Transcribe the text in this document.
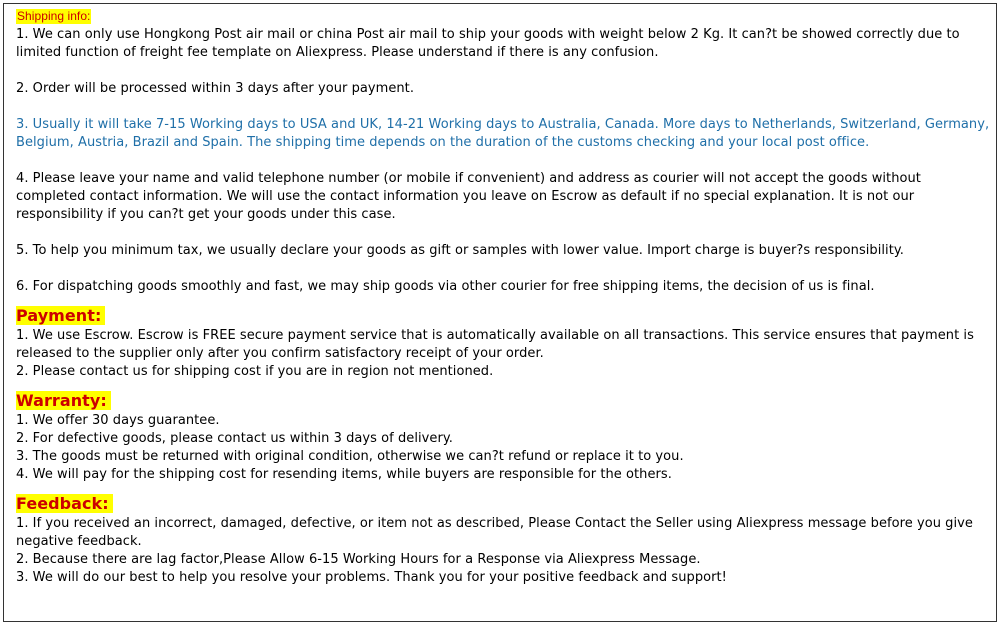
Shipping info:

1. We can only use Hongkong Post air mail or china Post air mail to ship your goods with weight below 2 Kg. It can?t be showed correctly due to limited function of freight fee template on Aliexpress. Please understand if there is any confusion.

2. Order will be processed within 3 days after your payment.

3. Usually it will take 7-15 Working days to USA and UK, 14-21 Working days to Australia, Canada. More days to Netherlands, Switzerland, Germany, Belgium, Austria, Brazil and Spain. The shipping time depends on the duration of the customs checking and your local post office.

4. Please leave your name and valid telephone number (or mobile if convenient) and address as courier will not accept the goods without completed contact information. We will use the contact information you leave on Escrow as default if no special explanation. It is not our responsibility if you can?t get your goods under this case.

5. To help you minimum tax, we usually declare your goods as gift or samples with lower value. Import charge is buyer?s responsibility.

6. For dispatching goods smoothly and fast, we may ship goods via other courier for free shipping items, the decision of us is final.

Payment:

1. We use Escrow. Escrow is FREE secure payment service that is automatically available on all transactions. This service ensures that payment is released to the supplier only after you confirm satisfactory receipt of your order.

2. Please contact us for shipping cost if you are in region not mentioned.

Warranty:

1. We offer 30 days guarantee.

2. For defective goods, please contact us within 3 days of delivery.

3. The goods must be returned with original condition, otherwise we can?t refund or replace it to you.

4. We will pay for the shipping cost for resending items, while buyers are responsible for the others.

Feedback:

1. If you received an incorrect, damaged, defective, or item not as described, Please Contact the Seller using Aliexpress message before you give negative feedback.

2. Because there are lag factor,Please Allow 6-15 Working Hours for a Response via Aliexpress Message.

3. We will do our best to help you resolve your problems. Thank you for your positive feedback and support!
